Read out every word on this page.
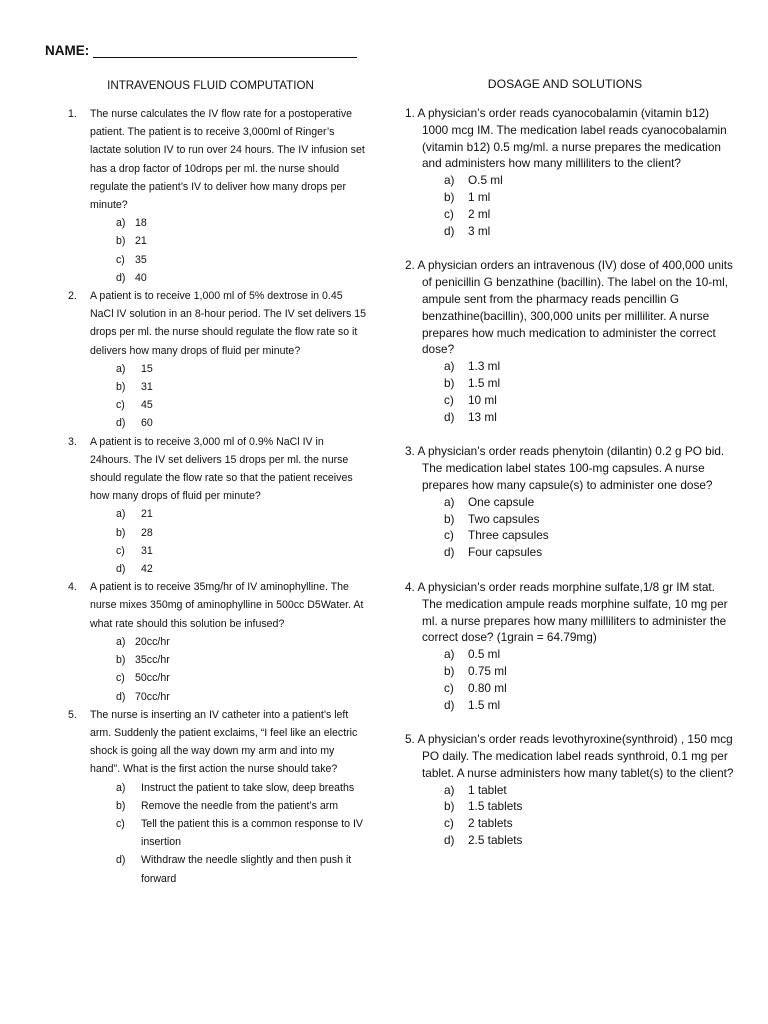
NAME:
INTRAVENOUS FLUID COMPUTATION
1. The nurse calculates the IV flow rate for a postoperative patient. The patient is to receive 3,000ml of Ringer’s lactate solution IV to run over 24 hours. The IV infusion set has a drop factor of 10drops per ml. the nurse should regulate the patient’s IV to deliver how many drops per minute?
a) 18
b) 21
c) 35
d) 40
2. A patient is to receive 1,000 ml of 5% dextrose in 0.45 NaCl IV solution in an 8-hour period. The IV set delivers 15 drops per ml. the nurse should regulate the flow rate so it delivers how many drops of fluid per minute?
a) 15
b) 31
c) 45
d) 60
3. A patient is to receive 3,000 ml of 0.9% NaCl IV in 24hours. The IV set delivers 15 drops per ml. the nurse should regulate the flow rate so that the patient receives how many drops of fluid per minute?
a) 21
b) 28
c) 31
d) 42
4. A patient is to receive 35mg/hr of IV aminophylline. The nurse mixes 350mg of aminophylline in 500cc D5Water. At what rate should this solution be infused?
a) 20cc/hr
b) 35cc/hr
c) 50cc/hr
d) 70cc/hr
5. The nurse is inserting an IV catheter into a patient’s left arm. Suddenly the patient exclaims, “I feel like an electric shock is going all the way down my arm and into my hand”. What is the first action the nurse should take?
a) Instruct the patient to take slow, deep breaths
b) Remove the needle from the patient’s arm
c) Tell the patient this is a common response to IV insertion
d) Withdraw the needle slightly and then push it forward
DOSAGE AND SOLUTIONS
1. A physician’s order reads cyanocobalamin (vitamin b12) 1000 mcg IM. The medication label reads cyanocobalamin (vitamin b12) 0.5 mg/ml. a nurse prepares the medication and administers how many milliliters to the client?
a) O.5 ml
b) 1 ml
c) 2 ml
d) 3 ml
2. A physician orders an intravenous (IV) dose of 400,000 units of penicillin G benzathine (bacillin). The label on the 10-ml, ampule sent from the pharmacy reads pencillin G benzathine(bacillin), 300,000 units per milliliter. A nurse prepares how much medication to administer the correct dose?
a) 1.3 ml
b) 1.5 ml
c) 10 ml
d) 13 ml
3. A physician’s order reads phenytoin (dilantin) 0.2 g PO bid. The medication label states 100-mg capsules. A nurse prepares how many capsule(s) to administer one dose?
a) One capsule
b) Two capsules
c) Three capsules
d) Four capsules
4. A physician’s order reads morphine sulfate,1/8 gr IM stat. The medication ampule reads morphine sulfate, 10 mg per ml. a nurse prepares how many milliliters to administer the correct dose? (1grain = 64.79mg)
a) 0.5 ml
b) 0.75 ml
c) 0.80 ml
d) 1.5 ml
5. A physician’s order reads levothyroxine(synthroid) , 150 mcg PO daily. The medication label reads synthroid, 0.1 mg per tablet. A nurse administers how many tablet(s) to the client?
a) 1 tablet
b) 1.5 tablets
c) 2 tablets
d) 2.5 tablets
